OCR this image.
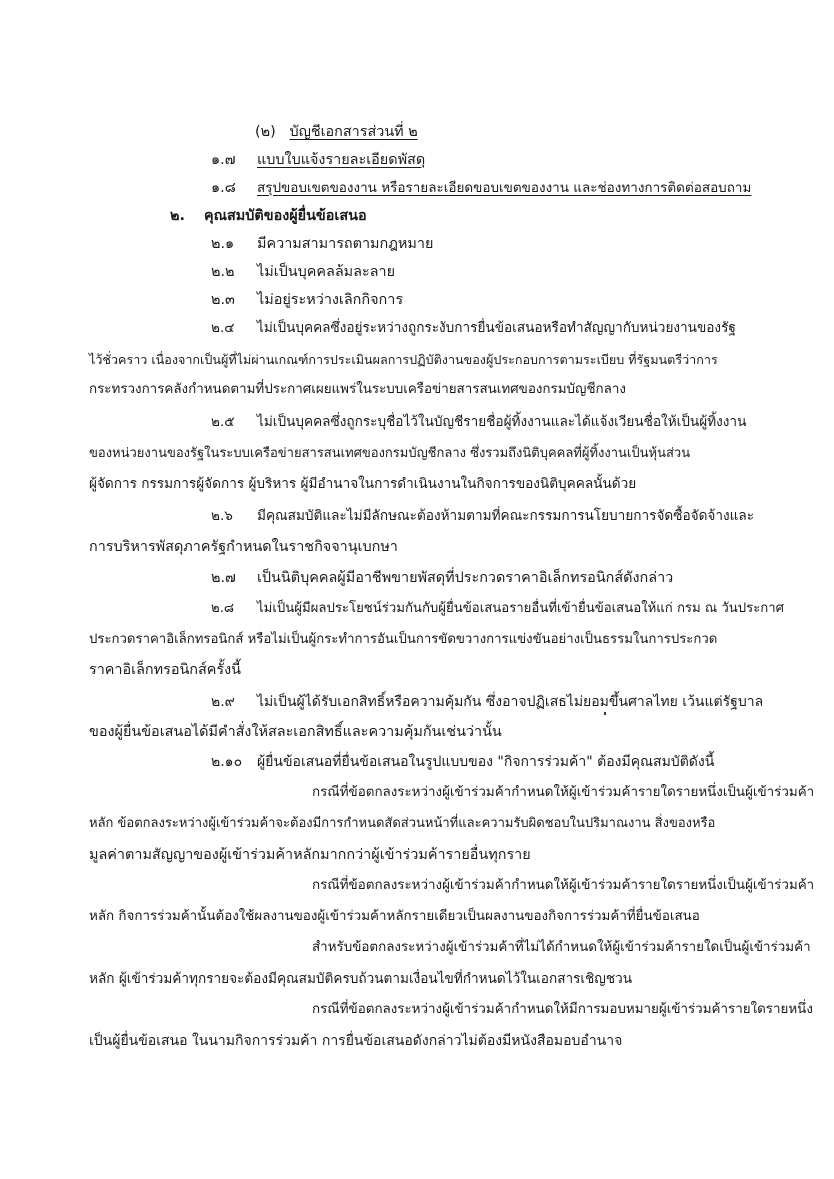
(๒) บัญชีเอกสารส่วนที่ ๒
๑.๗ แบบใบแจ้งรายละเอียดพัสดุ
๑.๘ สรุปขอบเขตของงาน หรือรายละเอียดขอบเขตของงาน และช่องทางการติดต่อสอบถาม
๒. คุณสมบัติของผู้ยื่นข้อเสนอ
๒.๑ มีความสามารถตามกฎหมาย
๒.๒ ไม่เป็นบุคคลล้มละลาย
๒.๓ ไม่อยู่ระหว่างเลิกกิจการ
๒.๔ ไม่เป็นบุคคลซึ่งอยู่ระหว่างถูกระงับการยื่นข้อเสนอหรือทำสัญญากับหน่วยงานของรัฐ
ไว้ชั่วคราว เนื่องจากเป็นผู้ที่ไม่ผ่านเกณฑ์การประเมินผลการปฏิบัติงานของผู้ประกอบการตามระเบียบ ที่รัฐมนตรีว่าการ
กระทรวงการคลังกำหนดตามที่ประกาศเผยแพร่ในระบบเครือข่ายสารสนเทศของกรมบัญชีกลาง
๒.๕ ไม่เป็นบุคคลซึ่งถูกระบุชื่อไว้ในบัญชีรายชื่อผู้ทิ้งงานและได้แจ้งเวียนชื่อให้เป็นผู้ทิ้งงาน
ของหน่วยงานของรัฐในระบบเครือข่ายสารสนเทศของกรมบัญชีกลาง ซึ่งรวมถึงนิติบุคคลที่ผู้ทิ้งงานเป็นหุ้นส่วน
ผู้จัดการ กรรมการผู้จัดการ ผู้บริหาร ผู้มีอำนาจในการดำเนินงานในกิจการของนิติบุคคลนั้นด้วย
๒.๖ มีคุณสมบัติและไม่มีลักษณะต้องห้ามตามที่คณะกรรมการนโยบายการจัดซื้อจัดจ้างและ
การบริหารพัสดุภาครัฐกำหนดในราชกิจจานุเบกษา
๒.๗ เป็นนิติบุคคลผู้มีอาชีพขายพัสดุที่ประกวดราคาอิเล็กทรอนิกส์ดังกล่าว
๒.๘ ไม่เป็นผู้มีผลประโยชน์ร่วมกันกับผู้ยื่นข้อเสนอรายอื่นที่เข้ายื่นข้อเสนอให้แก่ กรม ณ วันประกาศ
ประกวดราคาอิเล็กทรอนิกส์ หรือไม่เป็นผู้กระทำการอันเป็นการขัดขวางการแข่งขันอย่างเป็นธรรมในการประกวด
ราคาอิเล็กทรอนิกส์ครั้งนี้
๒.๙ ไม่เป็นผู้ได้รับเอกสิทธิ์หรือความคุ้มกัน ซึ่งอาจปฏิเสธไม่ยอมขึ้นศาลไทย เว้นแต่รัฐบาล
ของผู้ยื่นข้อเสนอได้มีคำสั่งให้สละเอกสิทธิ์และความคุ้มกันเช่นว่านั้น
๒.๑๐ ผู้ยื่นข้อเสนอที่ยื่นข้อเสนอในรูปแบบของ "กิจการร่วมค้า" ต้องมีคุณสมบัติดังนี้
กรณีที่ข้อตกลงระหว่างผู้เข้าร่วมค้ากำหนดให้ผู้เข้าร่วมค้ารายใดรายหนึ่งเป็นผู้เข้าร่วมค้า
หลัก ข้อตกลงระหว่างผู้เข้าร่วมค้าจะต้องมีการกำหนดสัดส่วนหน้าที่และความรับผิดชอบในปริมาณงาน สิ่งของหรือ
มูลค่าตามสัญญาของผู้เข้าร่วมค้าหลักมากกว่าผู้เข้าร่วมค้ารายอื่นทุกราย
กรณีที่ข้อตกลงระหว่างผู้เข้าร่วมค้ากำหนดให้ผู้เข้าร่วมค้ารายใดรายหนึ่งเป็นผู้เข้าร่วมค้า
หลัก กิจการร่วมค้านั้นต้องใช้ผลงานของผู้เข้าร่วมค้าหลักรายเดียวเป็นผลงานของกิจการร่วมค้าที่ยื่นข้อเสนอ
สำหรับข้อตกลงระหว่างผู้เข้าร่วมค้าที่ไม่ได้กำหนดให้ผู้เข้าร่วมค้ารายใดเป็นผู้เข้าร่วมค้า
หลัก ผู้เข้าร่วมค้าทุกรายจะต้องมีคุณสมบัติครบถ้วนตามเงื่อนไขที่กำหนดไว้ในเอกสารเชิญชวน
กรณีที่ข้อตกลงระหว่างผู้เข้าร่วมค้ากำหนดให้มีการมอบหมายผู้เข้าร่วมค้ารายใดรายหนึ่ง
เป็นผู้ยื่นข้อเสนอ ในนามกิจการร่วมค้า การยื่นข้อเสนอดังกล่าวไม่ต้องมีหนังสือมอบอำนาจ
